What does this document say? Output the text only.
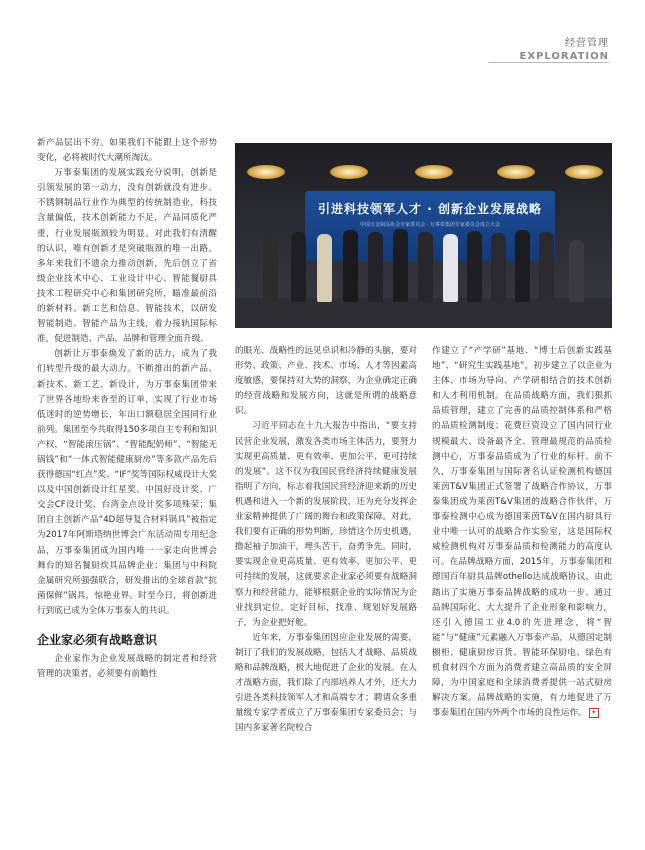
经营管理
EXPLORATION
引进科技领军人才 · 创新企业发展战略
中国五金制品协会专家委员会 · 万事泰集团专家委员会成立大会

新产品层出不穷。如果我们不能跟上这个形势变化，必将被时代大潮所淘汰。

万事泰集团的发展实践充分说明，创新是引领发展的第一动力，没有创新就没有进步。不锈钢制品行业作为典型的传统制造业，科技含量偏低，技术创新能力不足，产品同质化严重，行业发展瓶颈较为明显。对此我们有清醒的认识，唯有创新才是突破瓶颈的唯一出路。多年来我们不遗余力推动创新，先后创立了省级企业技术中心、工业设计中心、智能餐厨具技术工程研究中心和集团研究所，瞄准最前沿的新材料、新工艺和信息、智能技术，以研发智能制造、智能产品为主线，着力接轨国际标准，促进制造、产品、品牌和管理全面升级。

创新让万事泰焕发了新的活力，成为了我们转型升级的最大动力。不断推出的新产品、新技术、新工艺、新设计，为万事泰集团带来了世界各地纷来沓至的订单，实现了行业市场低迷时的逆势增长，年出口额稳居全国同行业前列。集团至今共取得150多项自主专利和知识产权，“智能滚压锅”、“智能配奶师”、“智能无锅钱”和“一体式智能健康厨房”等多款产品先后获得德国“红点”奖、“IF”奖等国际权威设计大奖以及中国创新设计红星奖、中国好设计奖、广交会CF设计奖、台湾金点设计奖多项殊荣；集团自主创新产品“4D超导复合材料锅具”被指定为2017年阿斯塔纳世博会广东活动周专用纪念品，万事泰集团成为国内唯一一家走向世博会舞台的知名餐厨炊具品牌企业；集团与中科院金属研究所强强联合，研发推出的全球首款“抗菌保鲜”锅具，惊艳业界。时至今日，将创新进行到底已成为全体万事泰人的共识。

企业家必须有战略意识

企业家作为企业发展战略的制定者和经营管理的决策者，必须要有前瞻性

的眼光、战略性的远见卓识和冷静的头脑，要对形势、政策、产业、技术、市场、人才等因素高度敏感，要保持对大势的洞察，为企业确定正确的经营战略和发展方向，这就是所谓的战略意识。

习近平同志在十九大报告中指出，“要支持民营企业发展，激发各类市场主体活力，要努力实现更高质量、更有效率、更加公平、更可持续的发展”。这不仅为我国民营经济持续健康发展指明了方向，标志着我国民营经济迎来新的历史机遇和进入一个新的发展阶段，还为充分发挥企业家精神提供了广阔的舞台和政策保障。对此，我们要有正确的形势判断，珍惜这个历史机遇，撸起袖子加油干，埋头苦干，奋勇争先。同时，要实现企业更高质量、更有效率、更加公平、更可持续的发展，这就要求企业家必须要有战略洞察力和经营能力，能够根据企业的实际情况为企业找到定位，定好目标，找准、规划好发展路子，为企业把好舵。

近年来，万事泰集团因应企业发展的需要，制订了我们的发展战略，包括人才战略、品质战略和品牌战略，极大地促进了企业的发展。在人才战略方面，我们除了内部培养人才外，还大力引进各类科技领军人才和高端专才；聘请众多重量级专家学者成立了万事泰集团专家委员会；与国内多家著名院校合

作建立了“产学研”基地、“博士后创新实践基地”、“研究生实践基地”，初步建立了以企业为主体、市场为导向、产学研相结合的技术创新和人才利用机制。在品质战略方面，我们狠抓品质管理，建立了完善的品质控制体系和严格的品质检测制度；花费巨资设立了国内同行业规模最大、设备最齐全、管理最规范的品质检测中心，万事泰品质成为了行业的标杆。前不久，万事泰集团与国际著名认证检测机构德国莱茵T&V集团正式签署了战略合作协议，万事泰集团成为莱茵T&V集团的战略合作伙伴，万事泰检测中心成为德国莱茵T&V在国内厨具行业中唯一认可的战略合作实验室，这是国际权威检测机构对万事泰品质和检测能力的高度认可。在品牌战略方面，2015年，万事泰集团和德国百年厨具品牌othello达成战略协议，由此踏出了实施万事泰品牌战略的成功一步。通过品牌国际化、大大提升了企业形象和影响力，还引入德国工业4.0的先进理念，将“智能”与“健康”元素融入万事泰产品，从德国定制橱柜、健康厨房百货、智能环保厨电、绿色有机食材四个方面为消费者建立高品质的安全屏障，为中国家庭和全球消费者提供一站式厨房解决方案。品牌战略的实施，有力地促进了万事泰集团在国内外两个市场的良性运作。 ✦
